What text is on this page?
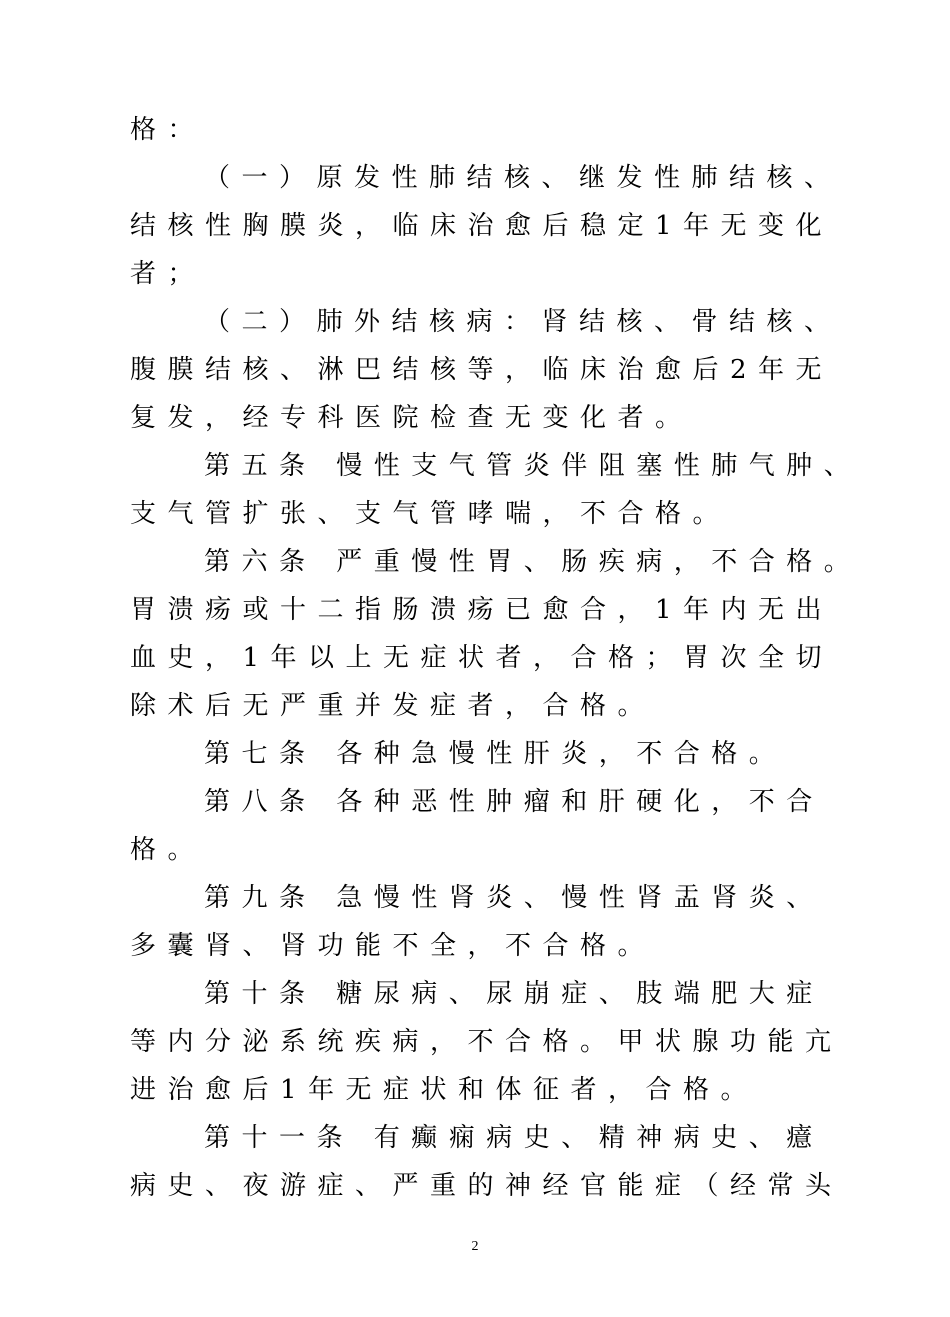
格：
（一）原发性肺结核、继发性肺结核、
结核性胸膜炎，临床治愈后稳定1年无变化
者；
（二）肺外结核病：肾结核、骨结核、
腹膜结核、淋巴结核等，临床治愈后2年无
复发，经专科医院检查无变化者。
第五条 慢性支气管炎伴阻塞性肺气肿、
支气管扩张、支气管哮喘，不合格。
第六条 严重慢性胃、肠疾病，不合格。
胃溃疡或十二指肠溃疡已愈合，1年内无出
血史，1年以上无症状者，合格；胃次全切
除术后无严重并发症者，合格。
第七条 各种急慢性肝炎，不合格。
第八条 各种恶性肿瘤和肝硬化，不合
格。
第九条 急慢性肾炎、慢性肾盂肾炎、
多囊肾、肾功能不全，不合格。
第十条 糖尿病、尿崩症、肢端肥大症
等内分泌系统疾病，不合格。甲状腺功能亢
进治愈后1年无症状和体征者，合格。
第十一条 有癫痫病史、精神病史、癔
病史、夜游症、严重的神经官能症（经常头
2
